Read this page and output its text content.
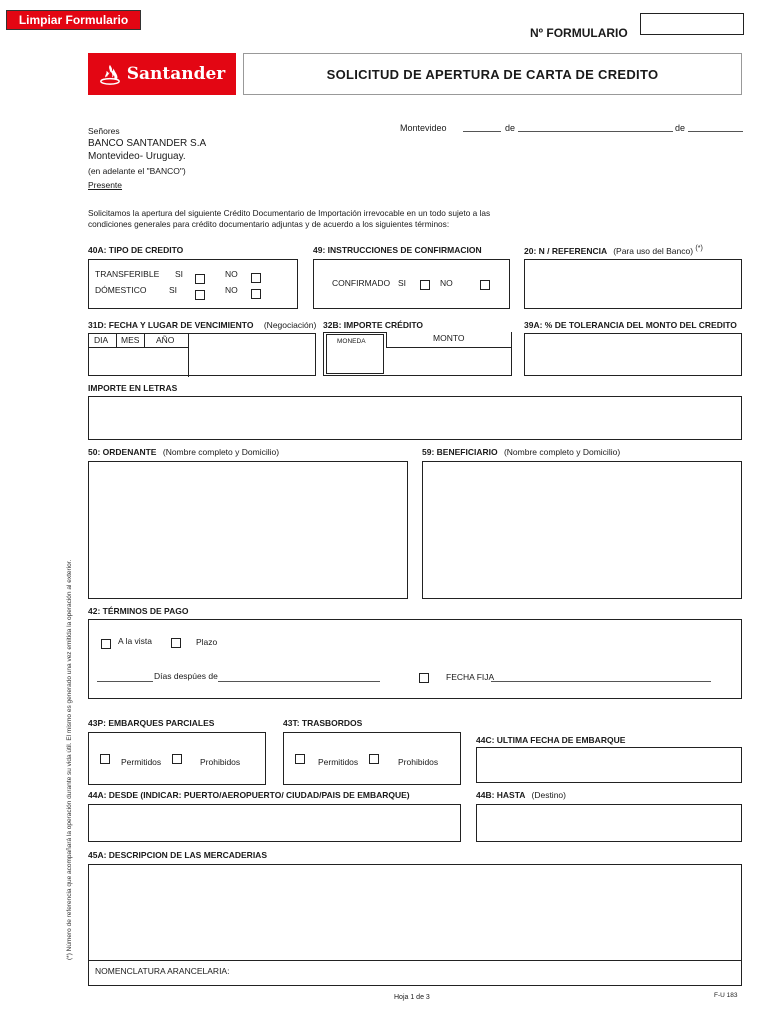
Limpiar Formulario
Nº FORMULARIO
Santander	SOLICITUD DE APERTURA DE CARTA DE CREDITO
Montevideo	de	de
Señores
BANCO SANTANDER S.A
Montevideo- Uruguay.
(en adelante el "BANCO")
Presente
Solicitamos la apertura del siguiente Crédito Documentario de Importación irrevocable en un todo sujeto a las
condiciones generales para crédito documentario adjuntas y de acuerdo a los siguientes términos:
40A: TIPO DE CREDITO
TRANSFERIBLE SI	NO
DÓMESTICO	SI	NO
49: INSTRUCCIONES DE CONFIRMACION
CONFIRMADO SI	NO
20: N / REFERENCIA (Para uso del Banco) (*)
31D: FECHA Y LUGAR DE VENCIMIENTO (Negociación)
DIA MES AÑO
32B: IMPORTE CRÉDITO
MONEDA	MONTO
39A: % DE TOLERANCIA DEL MONTO DEL CREDITO
IMPORTE EN LETRAS
50: ORDENANTE (Nombre completo y Domicilio)	59: BENEFICIARIO (Nombre completo y Domicilio)
42: TÉRMINOS DE PAGO
A la vista	Plazo
Días despúes de	FECHA FIJA
43P: EMBARQUES PARCIALES
Permitidos	Prohibidos
43T: TRASBORDOS
Permitidos	Prohibidos
44C: ULTIMA FECHA DE EMBARQUE
44A: DESDE (INDICAR: PUERTO/AEROPUERTO/ CIUDAD/PAIS DE EMBARQUE)	44B: HASTA (Destino)
45A: DESCRIPCION DE LAS MERCADERIAS
NOMENCLATURA ARANCELARIA:
(*) Número de referencia que acompañará la operación durante su vida útil. El mismo es generado una vez emitida la operación al exterior.
Hoja 1 de 3	F-U 183
